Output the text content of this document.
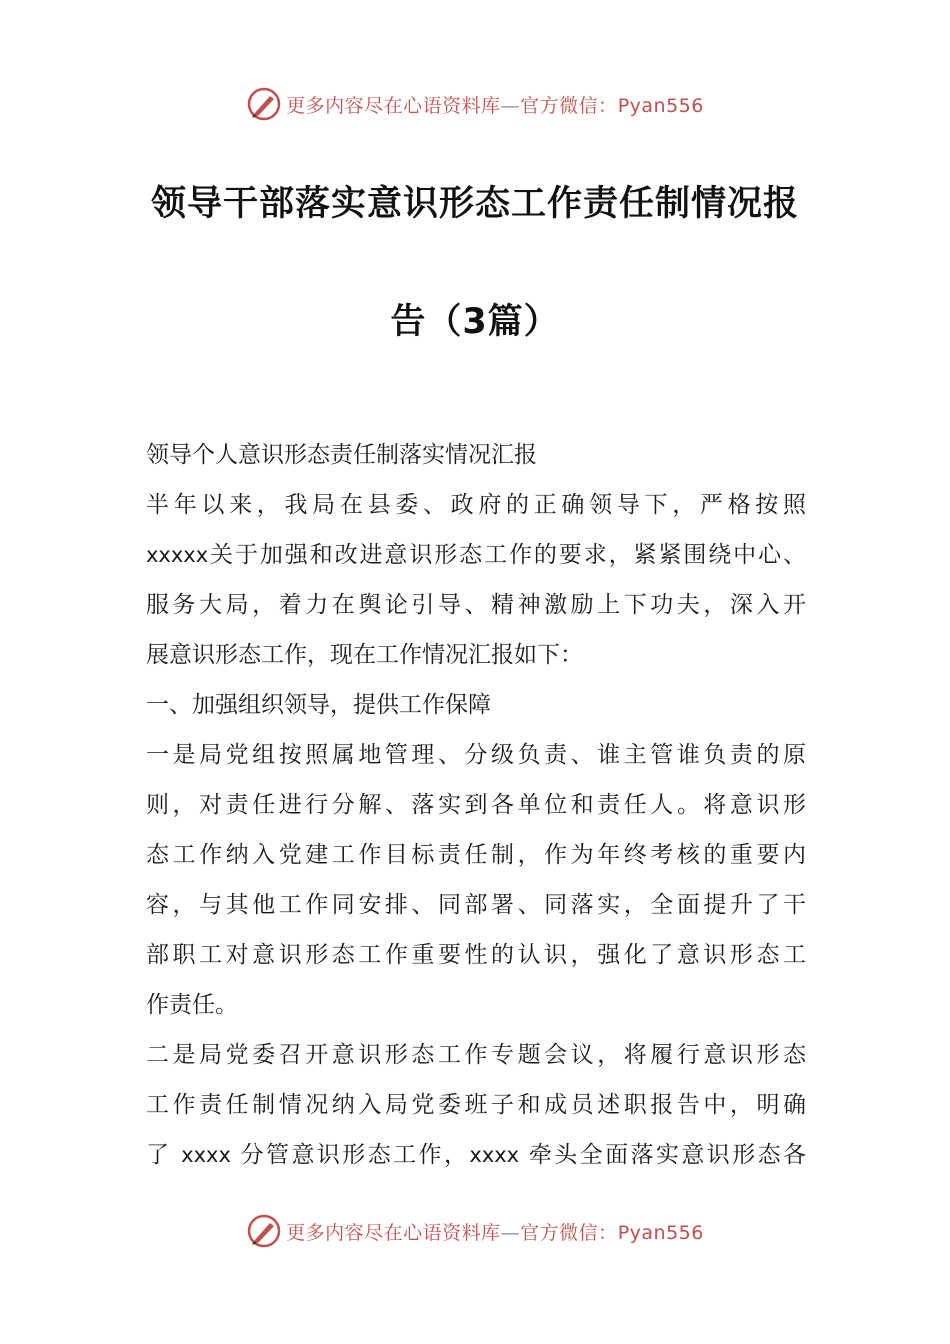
更多内容尽在心语资料库—官方微信：Pyan556
领导干部落实意识形态工作责任制情况报
告（3篇）
领导个人意识形态责任制落实情况汇报
半年以来，我局在县委、政府的正确领导下，严格按照
xxxxx关于加强和改进意识形态工作的要求，紧紧围绕中心、
服务大局，着力在舆论引导、精神激励上下功夫，深入开
展意识形态工作，现在工作情况汇报如下：
一、加强组织领导，提供工作保障
一是局党组按照属地管理、分级负责、谁主管谁负责的原
则，对责任进行分解、落实到各单位和责任人。将意识形
态工作纳入党建工作目标责任制，作为年终考核的重要内
容，与其他工作同安排、同部署、同落实，全面提升了干
部职工对意识形态工作重要性的认识，强化了意识形态工
作责任。
二是局党委召开意识形态工作专题会议，将履行意识形态
工作责任制情况纳入局党委班子和成员述职报告中，明确
了 xxxx 分管意识形态工作，xxxx 牵头全面落实意识形态各
更多内容尽在心语资料库—官方微信：Pyan556
